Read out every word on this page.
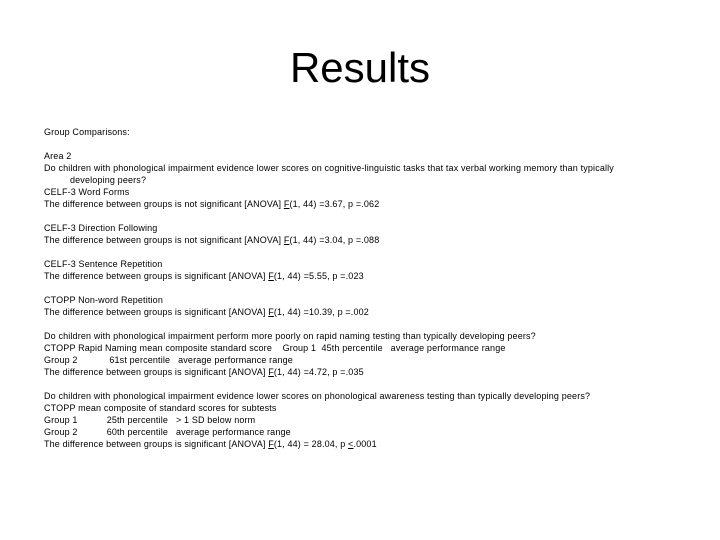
Results

Group Comparisons:

Area 2

Do children with phonological impairment evidence lower scores on cognitive-linguistic tasks that tax verbal working memory than typically

developing peers?

CELF-3 Word Forms

The difference between groups is not significant [ANOVA] F(1, 44) =3.67, p =.062

CELF-3 Direction Following

The difference between groups is not significant [ANOVA] F(1, 44) =3.04, p =.088

CELF-3 Sentence Repetition

The difference between groups is significant [ANOVA] F(1, 44) =5.55, p =.023

CTOPP Non-word Repetition

The difference between groups is significant [ANOVA] F(1, 44) =10.39, p =.002

Do children with phonological impairment perform more poorly on rapid naming testing than typically developing peers?

CTOPP Rapid Naming mean composite standard score    Group 1  45th percentile   average performance range

Group 2            61st percentile   average performance range

The difference between groups is significant [ANOVA] F(1, 44) =4.72, p =.035

Do children with phonological impairment evidence lower scores on phonological awareness testing than typically developing peers?

CTOPP mean composite of standard scores for subtests

Group 1           25th percentile   > 1 SD below norm

Group 2           60th percentile   average performance range

The difference between groups is significant [ANOVA] F(1, 44) = 28.04, p <.0001
